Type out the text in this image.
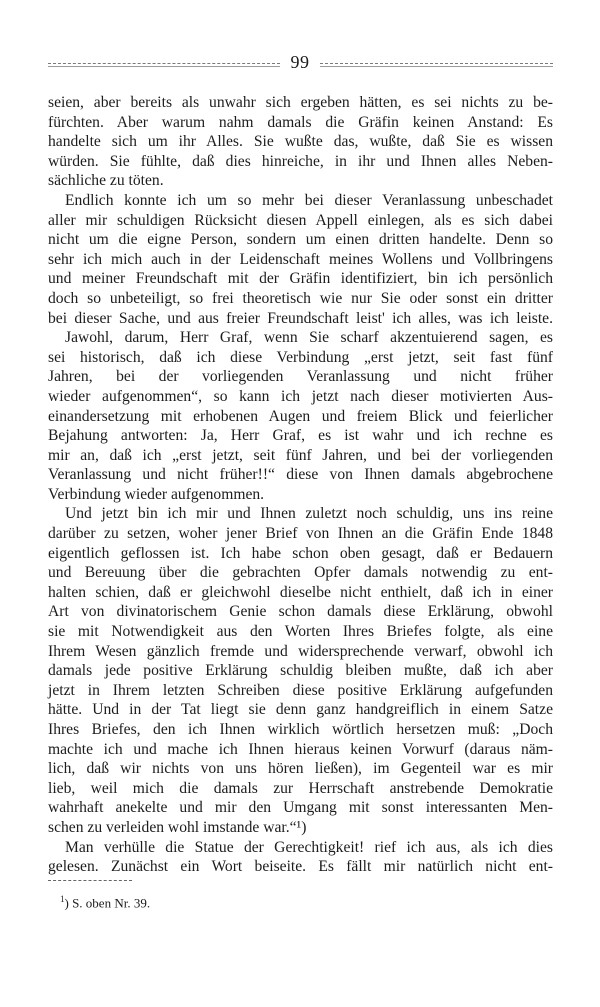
99
seien, aber bereits als unwahr sich ergeben hätten, es sei nichts zu be-
fürchten. Aber warum nahm damals die Gräfin keinen Anstand: Es
handelte sich um ihr Alles. Sie wußte das, wußte, daß Sie es wissen
würden. Sie fühlte, daß dies hinreiche, in ihr und Ihnen alles Neben-
sächliche zu töten.
Endlich konnte ich um so mehr bei dieser Veranlassung unbeschadet
aller mir schuldigen Rücksicht diesen Appell einlegen, als es sich dabei
nicht um die eigne Person, sondern um einen dritten handelte. Denn so
sehr ich mich auch in der Leidenschaft meines Wollens und Vollbringens
und meiner Freundschaft mit der Gräfin identifiziert, bin ich persönlich
doch so unbeteiligt, so frei theoretisch wie nur Sie oder sonst ein dritter
bei dieser Sache, und aus freier Freundschaft leist' ich alles, was ich leiste.
Jawohl, darum, Herr Graf, wenn Sie scharf akzentuierend sagen, es
sei historisch, daß ich diese Verbindung „erst jetzt, seit fast fünf
Jahren, bei der vorliegenden Veranlassung und nicht früher
wieder aufgenommen“, so kann ich jetzt nach dieser motivierten Aus-
einandersetzung mit erhobenen Augen und freiem Blick und feierlicher
Bejahung antworten: Ja, Herr Graf, es ist wahr und ich rechne es
mir an, daß ich „erst jetzt, seit fünf Jahren, und bei der vorliegenden
Veranlassung und nicht früher!!“ diese von Ihnen damals abgebrochene
Verbindung wieder aufgenommen.
Und jetzt bin ich mir und Ihnen zuletzt noch schuldig, uns ins reine
darüber zu setzen, woher jener Brief von Ihnen an die Gräfin Ende 1848
eigentlich geflossen ist. Ich habe schon oben gesagt, daß er Bedauern
und Bereuung über die gebrachten Opfer damals notwendig zu ent-
halten schien, daß er gleichwohl dieselbe nicht enthielt, daß ich in einer
Art von divinatorischem Genie schon damals diese Erklärung, obwohl
sie mit Notwendigkeit aus den Worten Ihres Briefes folgte, als eine
Ihrem Wesen gänzlich fremde und widersprechende verwarf, obwohl ich
damals jede positive Erklärung schuldig bleiben mußte, daß ich aber
jetzt in Ihrem letzten Schreiben diese positive Erklärung aufgefunden
hätte. Und in der Tat liegt sie denn ganz handgreiflich in einem Satze
Ihres Briefes, den ich Ihnen wirklich wörtlich hersetzen muß: „Doch
machte ich und mache ich Ihnen hieraus keinen Vorwurf (daraus näm-
lich, daß wir nichts von uns hören ließen), im Gegenteil war es mir
lieb, weil mich die damals zur Herrschaft anstrebende Demokratie
wahrhaft anekelte und mir den Umgang mit sonst interessanten Men-
schen zu verleiden wohl imstande war.“¹)
Man verhülle die Statue der Gerechtigkeit! rief ich aus, als ich dies
gelesen. Zunächst ein Wort beiseite. Es fällt mir natürlich nicht ent-
$^1$) S. oben Nr. 39.
